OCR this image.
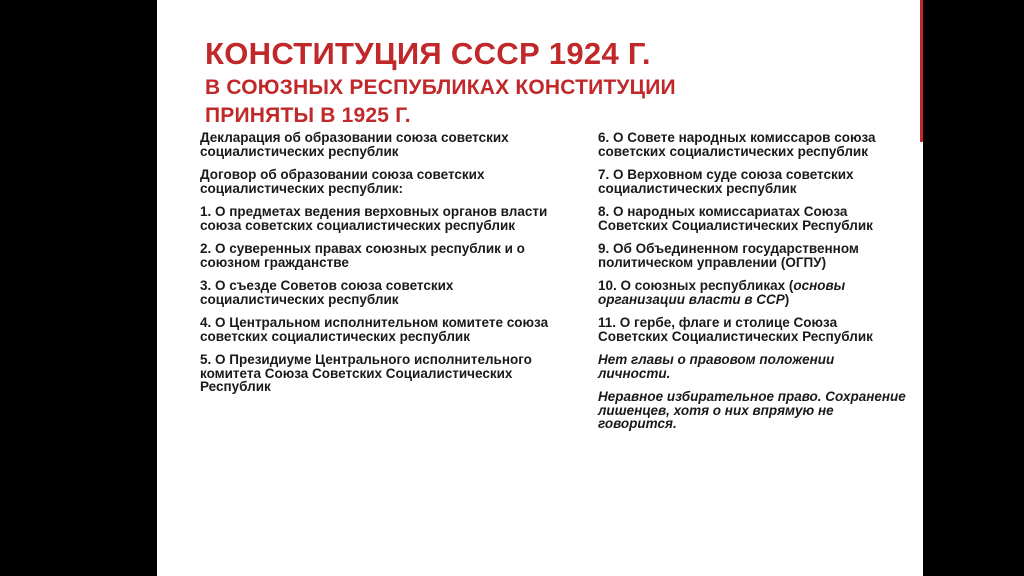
КОНСТИТУЦИЯ СССР 1924 Г.
В СОЮЗНЫХ РЕСПУБЛИКАХ КОНСТИТУЦИИ
ПРИНЯТЫ В 1925 Г.

Декларация об образовании союза советских социалистических республик

Договор об образовании союза советских социалистических республик:

1. О предметах ведения верховных органов власти союза советских социалистических республик

2. О суверенных правах союзных республик и о союзном гражданстве

3. О съезде Советов союза советских социалистических республик

4. О Центральном исполнительном комитете союза советских социалистических республик

5. О Президиуме Центрального исполнительного комитета Союза Советских Социалистических Республик

6. О Совете народных комиссаров союза советских социалистических республик

7. О Верховном суде союза советских социалистических республик

8. О народных комиссариатах Союза Советских Социалистических Республик

9. Об Объединенном государственном политическом управлении (ОГПУ)

10. О союзных республиках (основы организации власти в ССР)

11. О гербе, флаге и столице Союза Советских Социалистических Республик

Нет главы о правовом положении личности.

Неравное избирательное право. Сохранение лишенцев, хотя о них впрямую не говорится.
